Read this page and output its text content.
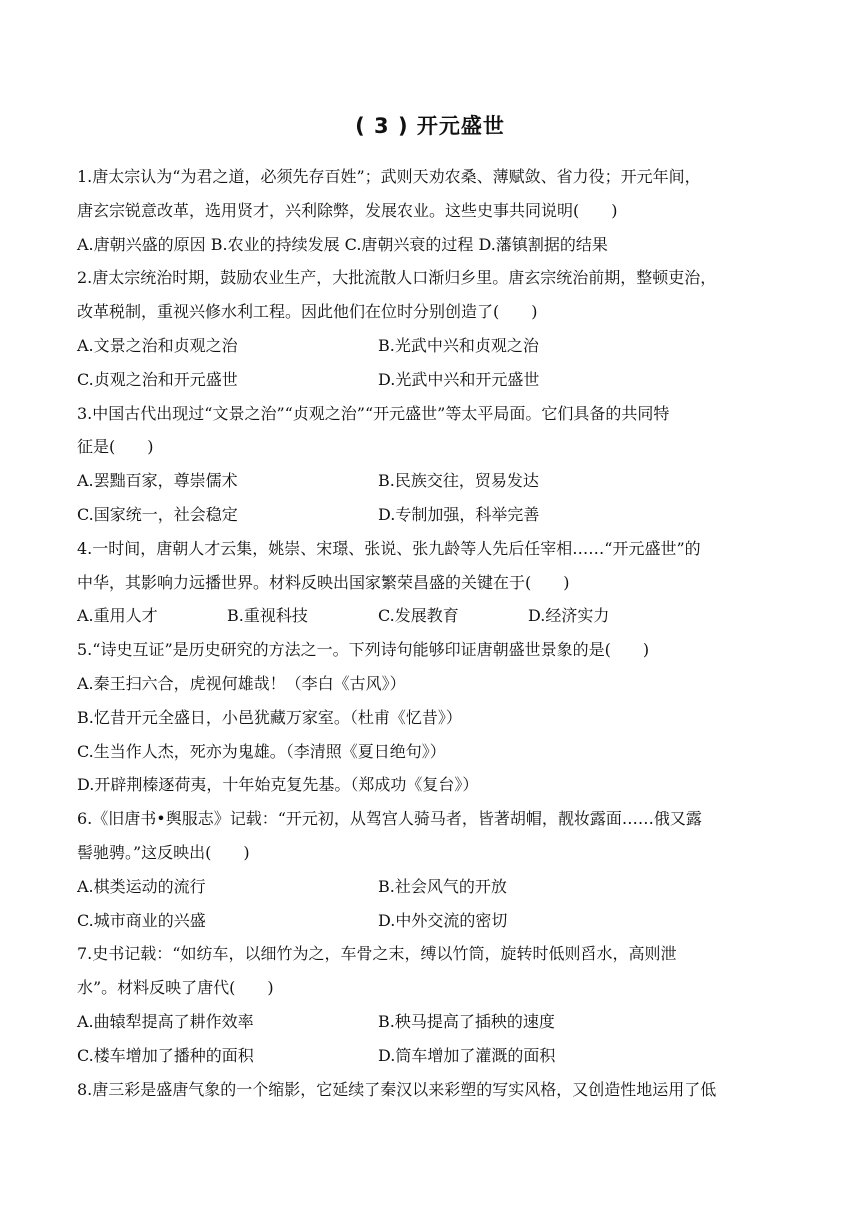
( 3 ) 开元盛世
1.唐太宗认为“为君之道，必须先存百姓”；武则天劝农桑、薄赋敛、省力役；开元年间，
唐玄宗锐意改革，选用贤才，兴利除弊，发展农业。这些史事共同说明(　　)
A.唐朝兴盛的原因 B.农业的持续发展 C.唐朝兴衰的过程 D.藩镇割据的结果
2.唐太宗统治时期，鼓励农业生产，大批流散人口渐归乡里。唐玄宗统治前期，整顿吏治，
改革税制，重视兴修水利工程。因此他们在位时分别创造了(　　)
A.文景之治和贞观之治	B.光武中兴和贞观之治
C.贞观之治和开元盛世	D.光武中兴和开元盛世
3.中国古代出现过“文景之治”“贞观之治”“开元盛世”等太平局面。它们具备的共同特
征是(　　)
A.罢黜百家，尊崇儒术	B.民族交往，贸易发达
C.国家统一，社会稳定	D.专制加强，科举完善
4.一时间，唐朝人才云集，姚崇、宋璟、张说、张九龄等人先后任宰相……“开元盛世”的
中华，其影响力远播世界。材料反映出国家繁荣昌盛的关键在于(　　)
A.重用人才	B.重视科技	C.发展教育	D.经济实力
5.“诗史互证”是历史研究的方法之一。下列诗句能够印证唐朝盛世景象的是(　　)
A.秦王扫六合，虎视何雄哉！（李白《古风》）
B.忆昔开元全盛日，小邑犹藏万家室。（杜甫《忆昔》）
C.生当作人杰，死亦为鬼雄。（李清照《夏日绝句》）
D.开辟荆榛逐荷夷，十年始克复先基。（郑成功《复台》）
6.《旧唐书•舆服志》记载：“开元初，从驾宫人骑马者，皆著胡帽，靓妆露面……俄又露
髻驰骋。”这反映出(　　)
A.棋类运动的流行	B.社会风气的开放
C.城市商业的兴盛	D.中外交流的密切
7.史书记载：“如纺车，以细竹为之，车骨之末，缚以竹筒，旋转时低则舀水，高则泄
水”。材料反映了唐代(　　)
A.曲辕犁提高了耕作效率	B.秧马提高了插秧的速度
C.楼车增加了播种的面积	D.筒车增加了灌溉的面积
8.唐三彩是盛唐气象的一个缩影，它延续了秦汉以来彩塑的写实风格，又创造性地运用了低
